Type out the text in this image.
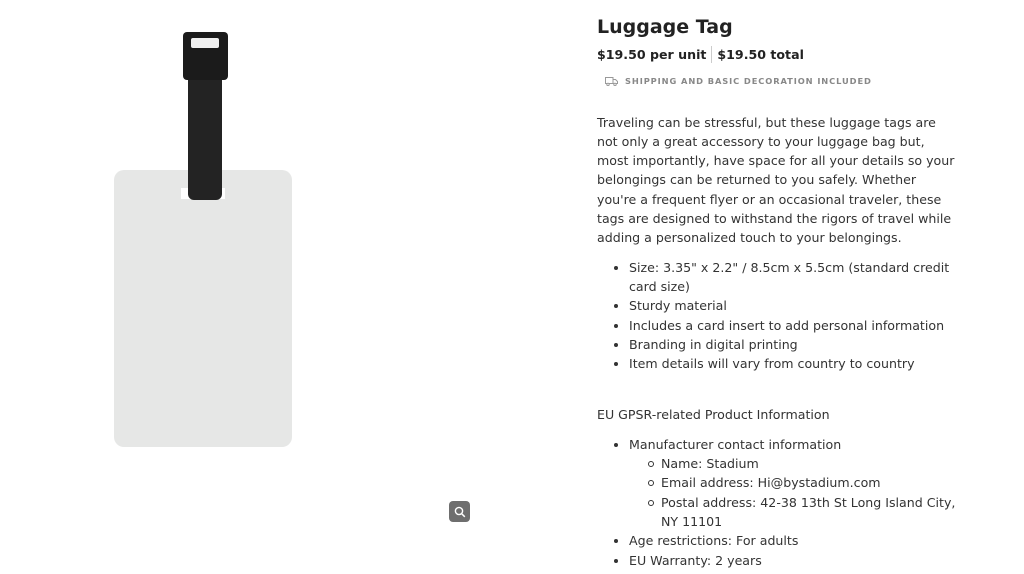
Luggage Tag
$19.50 per unit $19.50 total
SHIPPING AND BASIC DECORATION INCLUDED

Traveling can be stressful, but these luggage tags are not only a great accessory to your luggage bag but, most importantly, have space for all your details so your belongings can be returned to you safely. Whether you're a frequent flyer or an occasional traveler, these tags are designed to withstand the rigors of travel while adding a personalized touch to your belongings.

Size: 3.35" x 2.2" / 8.5cm x 5.5cm (standard credit card size)
Sturdy material
Includes a card insert to add personal information
Branding in digital printing
Item details will vary from country to country

EU GPSR-related Product Information

Manufacturer contact information
Name: Stadium
Email address: Hi@bystadium.com
Postal address: 42-38 13th St Long Island City, NY 11101
Age restrictions: For adults
EU Warranty: 2 years
